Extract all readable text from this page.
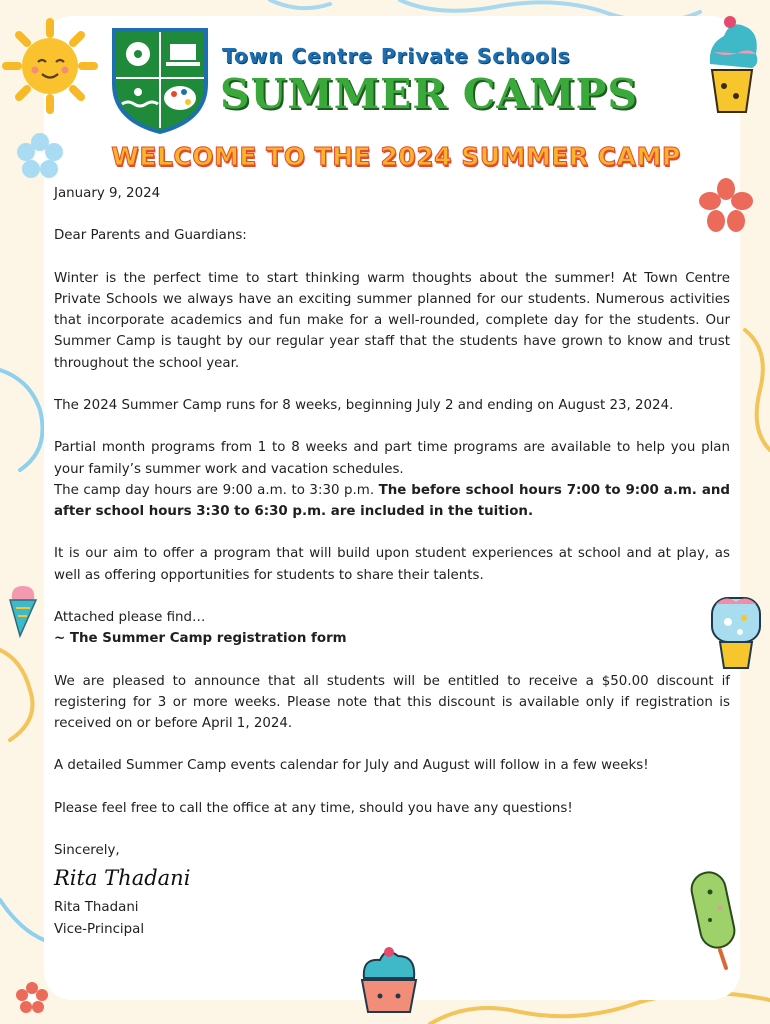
Town Centre Private Schools
SUMMER CAMPS
WELCOME TO THE 2024 SUMMER CAMP

January 9, 2024

Dear Parents and Guardians:

Winter is the perfect time to start thinking warm thoughts about the summer! At Town Centre Private Schools we always have an exciting summer planned for our students. Numerous activities that incorporate academics and fun make for a well-rounded, complete day for the students. Our Summer Camp is taught by our regular year staff that the students have grown to know and trust throughout the school year.

The 2024 Summer Camp runs for 8 weeks, beginning July 2 and ending on August 23, 2024.

Partial month programs from 1 to 8 weeks and part time programs are available to help you plan your family’s summer work and vacation schedules.
The camp day hours are 9:00 a.m. to 3:30 p.m. The before school hours 7:00 to 9:00 a.m. and after school hours 3:30 to 6:30 p.m. are included in the tuition.

It is our aim to offer a program that will build upon student experiences at school and at play, as well as offering opportunities for students to share their talents.

Attached please find…
~ The Summer Camp registration form

We are pleased to announce that all students will be entitled to receive a $50.00 discount if registering for 3 or more weeks. Please note that this discount is available only if registration is received on or before April 1, 2024.

A detailed Summer Camp events calendar for July and August will follow in a few weeks!

Please feel free to call the office at any time, should you have any questions!

Sincerely,

Rita Thadani

Rita Thadani

Vice-Principal
